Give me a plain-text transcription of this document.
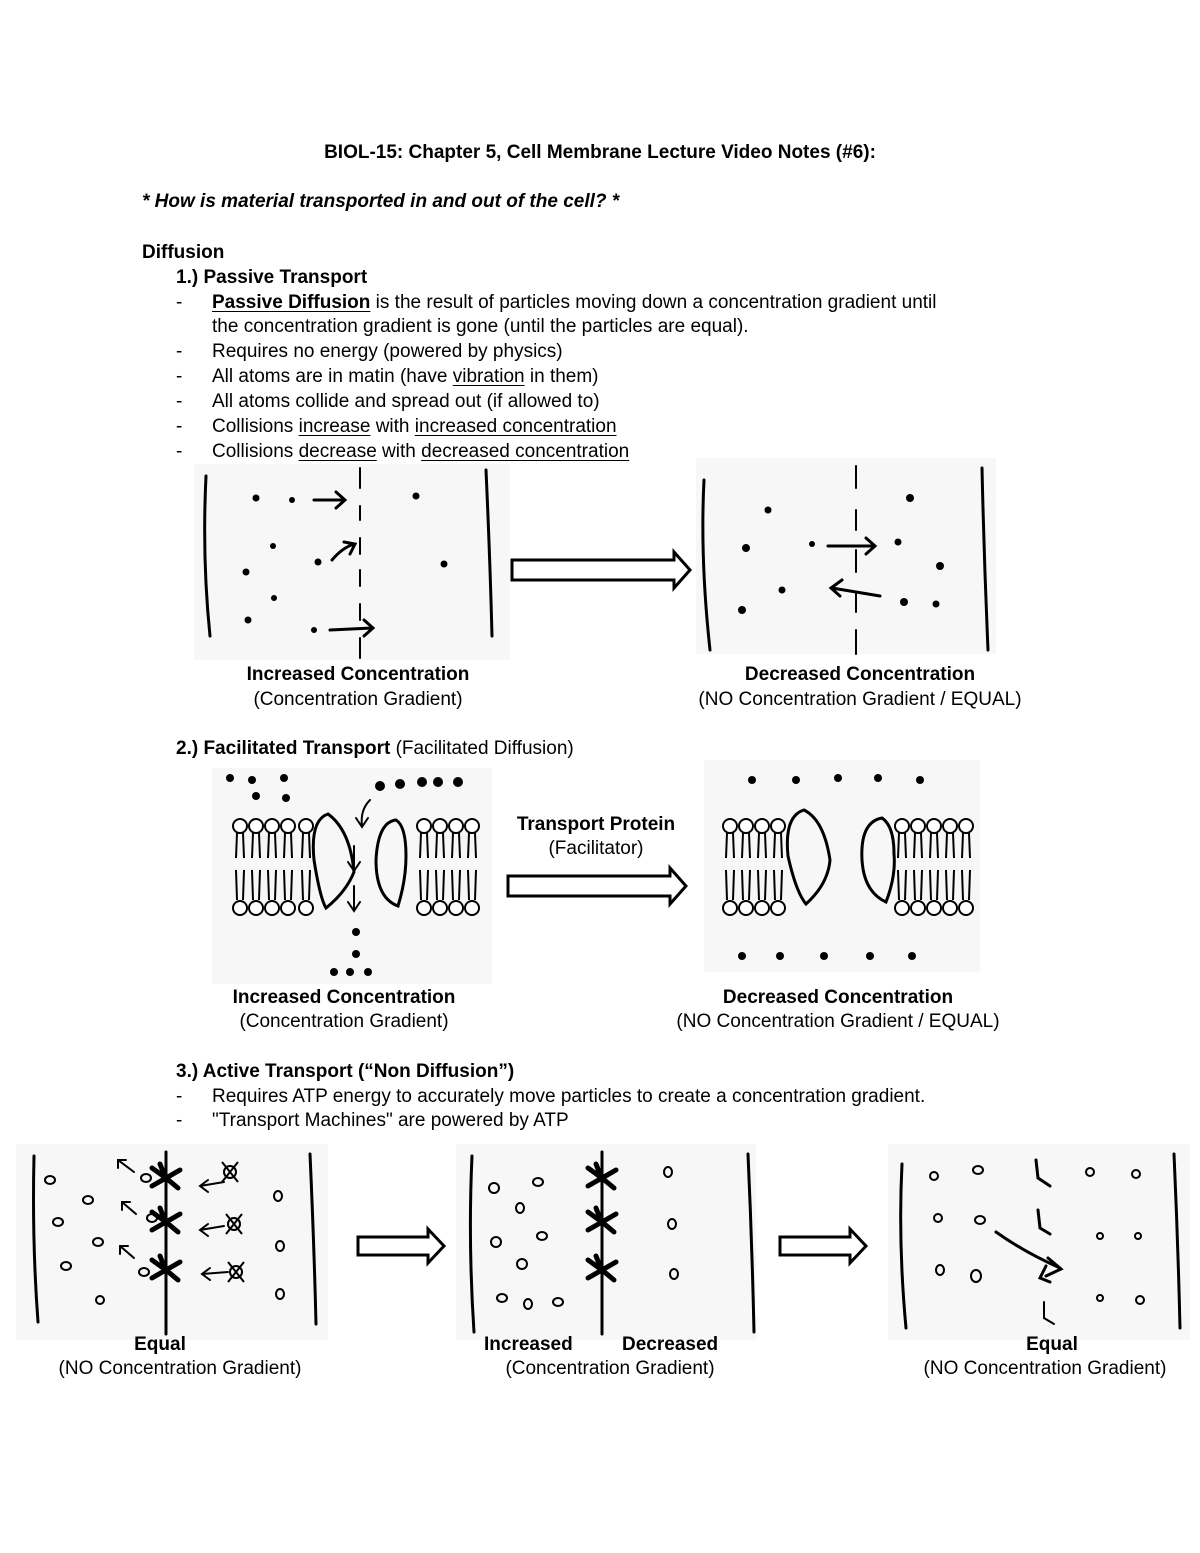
BIOL-15: Chapter 5, Cell Membrane Lecture Video Notes (#6):
* How is material transported in and out of the cell? *
Diffusion
1.) Passive Transport
- Passive Diffusion is the result of particles moving down a concentration gradient until
the concentration gradient is gone (until the particles are equal).
- Requires no energy (powered by physics)
- All atoms are in matin (have vibration in them)
- All atoms collide and spread out (if allowed to)
- Collisions increase with increased concentration
- Collisions decrease with decreased concentration
Increased Concentration
(Concentration Gradient)
Decreased Concentration
(NO Concentration Gradient / EQUAL)
2.) Facilitated Transport (Facilitated Diffusion)
Transport Protein
(Facilitator)
Increased Concentration
(Concentration Gradient)
Decreased Concentration
(NO Concentration Gradient / EQUAL)
3.) Active Transport (“Non Diffusion”)
- Requires ATP energy to accurately move particles to create a concentration gradient.
- "Transport Machines" are powered by ATP
Equal
(NO Concentration Gradient)
Increased	Decreased
(Concentration Gradient)
Equal
(NO Concentration Gradient)
